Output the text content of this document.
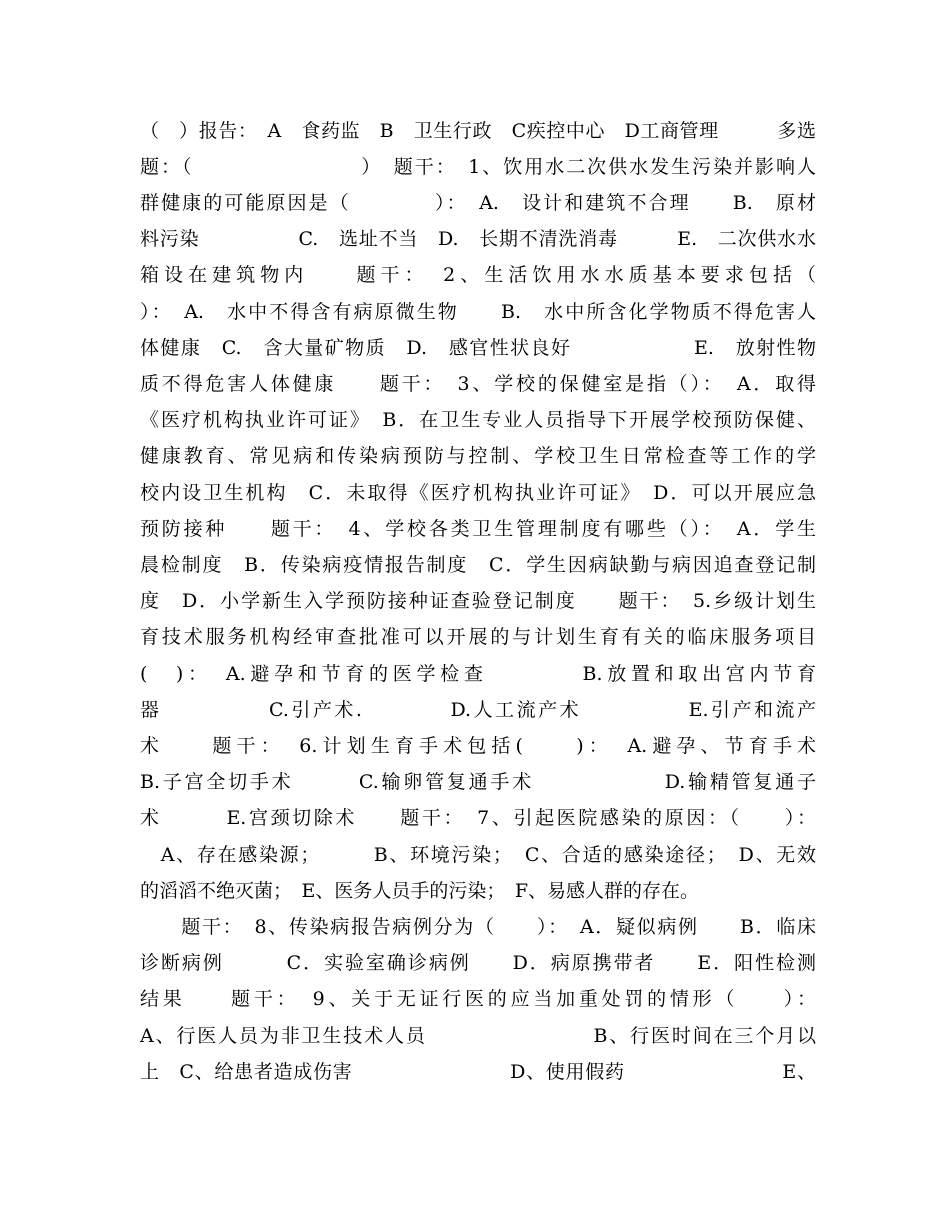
（　）报告：　A　食药监　B　卫生行政　C疾控中心　D工商管理　　　多选
题：（　　　　　　　　）　题干：　1、饮用水二次供水发生污染并影响人
群健康的可能原因是（　　　　）：　A.　设计和建筑不合理　　B.　原材
料污染　　　　　C.　选址不当　D.　长期不清洗消毒　　　E.　二次供水水
箱设在建筑物内　　题干：　2、生活饮用水水质基本要求包括（
）：　A.　水中不得含有病原微生物　　B.　水中所含化学物质不得危害人
体健康　C.　含大量矿物质　D.　感官性状良好　　　　　　E.　放射性物
质不得危害人体健康　　题干：　3、学校的保健室是指（）：　A．取得
《医疗机构执业许可证》　B．在卫生专业人员指导下开展学校预防保健、
健康教育、常见病和传染病预防与控制、学校卫生日常检查等工作的学
校内设卫生机构　C．未取得《医疗机构执业许可证》　D．可以开展应急
预防接种　　题干：　4、学校各类卫生管理制度有哪些（）：　A．学生
晨检制度　B．传染病疫情报告制度　C．学生因病缺勤与病因追查登记制
度　D．小学新生入学预防接种证查验登记制度　　题干：　5.乡级计划生
育技术服务机构经审查批准可以开展的与计划生育有关的临床服务项目
(　)：　A.避孕和节育的医学检查　　　　B.放置和取出宫内节育
器　　　　　C.引产术.　　　　D.人工流产术　　　　　E.引产和流产
术　　题干：　6.计划生育手术包括(　　)：　A.避孕、节育手术
B.子宫全切手术　　　C.输卵管复通手术　　　　　　D.输精管复通子
术　　　E.宫颈切除术　　题干：　7、引起医院感染的原因：（　　）：
　A、存在感染源；　　　B、环境污染；　C、合适的感染途径；　D、无效
的滔滔不绝灭菌；　E、医务人员手的污染；　F、易感人群的存在。
　　题干：　8、传染病报告病例分为（　　）：　A．疑似病例　　B．临床
诊断病例　　　C．实验室确诊病例　　D．病原携带者　　E．阳性检测
结果　　题干：　9、关于无证行医的应当加重处罚的情形（　　）：
A、行医人员为非卫生技术人员　　　　　　　　B、行医时间在三个月以
上　C、给患者造成伤害　　　　　　　　D、使用假药　　　　　　　　E、
